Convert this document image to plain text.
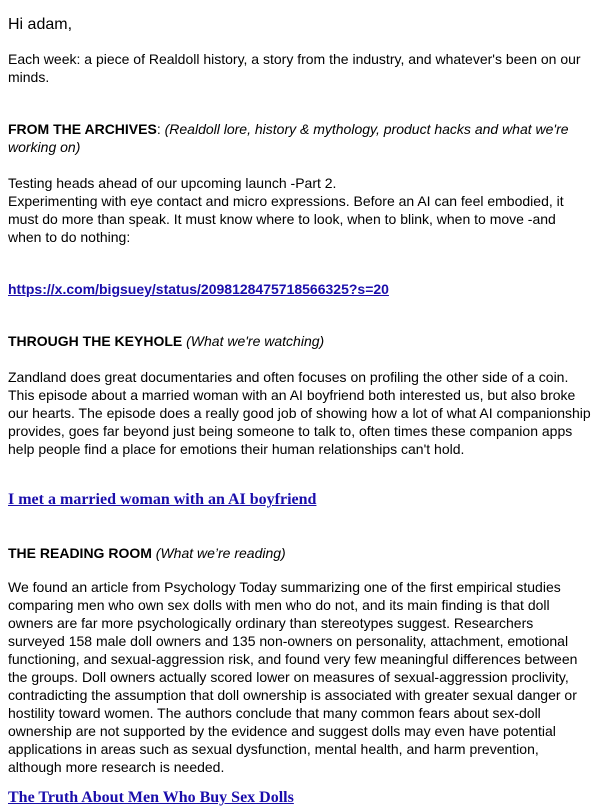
Hi adam,

Each week: a piece of Realdoll history, a story from the industry, and whatever's been on our minds.

FROM THE ARCHIVES: (Realdoll lore, history & mythology, product hacks and what we're working on)

Testing heads ahead of our upcoming launch -Part 2.
Experimenting with eye contact and micro expressions. Before an AI can feel embodied, it must do more than speak. It must know where to look, when to blink, when to move -and when to do nothing:

https://x.com/bigsuey/status/2098128475718566325?s=20

THROUGH THE KEYHOLE (What we're watching)

Zandland does great documentaries and often focuses on profiling the other side of a coin. This episode about a married woman with an AI boyfriend both interested us, but also broke our hearts. The episode does a really good job of showing how a lot of what AI companionship provides, goes far beyond just being someone to talk to, often times these companion apps help people find a place for emotions their human relationships can't hold.

I met a married woman with an AI boyfriend

THE READING ROOM (What we’re reading)

We found an article from Psychology Today summarizing one of the first empirical studies comparing men who own sex dolls with men who do not, and its main finding is that doll owners are far more psychologically ordinary than stereotypes suggest. Researchers surveyed 158 male doll owners and 135 non-owners on personality, attachment, emotional functioning, and sexual-aggression risk, and found very few meaningful differences between the groups. Doll owners actually scored lower on measures of sexual-aggression proclivity, contradicting the assumption that doll ownership is associated with greater sexual danger or hostility toward women. The authors conclude that many common fears about sex-doll ownership are not supported by the evidence and suggest dolls may even have potential applications in areas such as sexual dysfunction, mental health, and harm prevention, although more research is needed.

The Truth About Men Who Buy Sex Dolls
